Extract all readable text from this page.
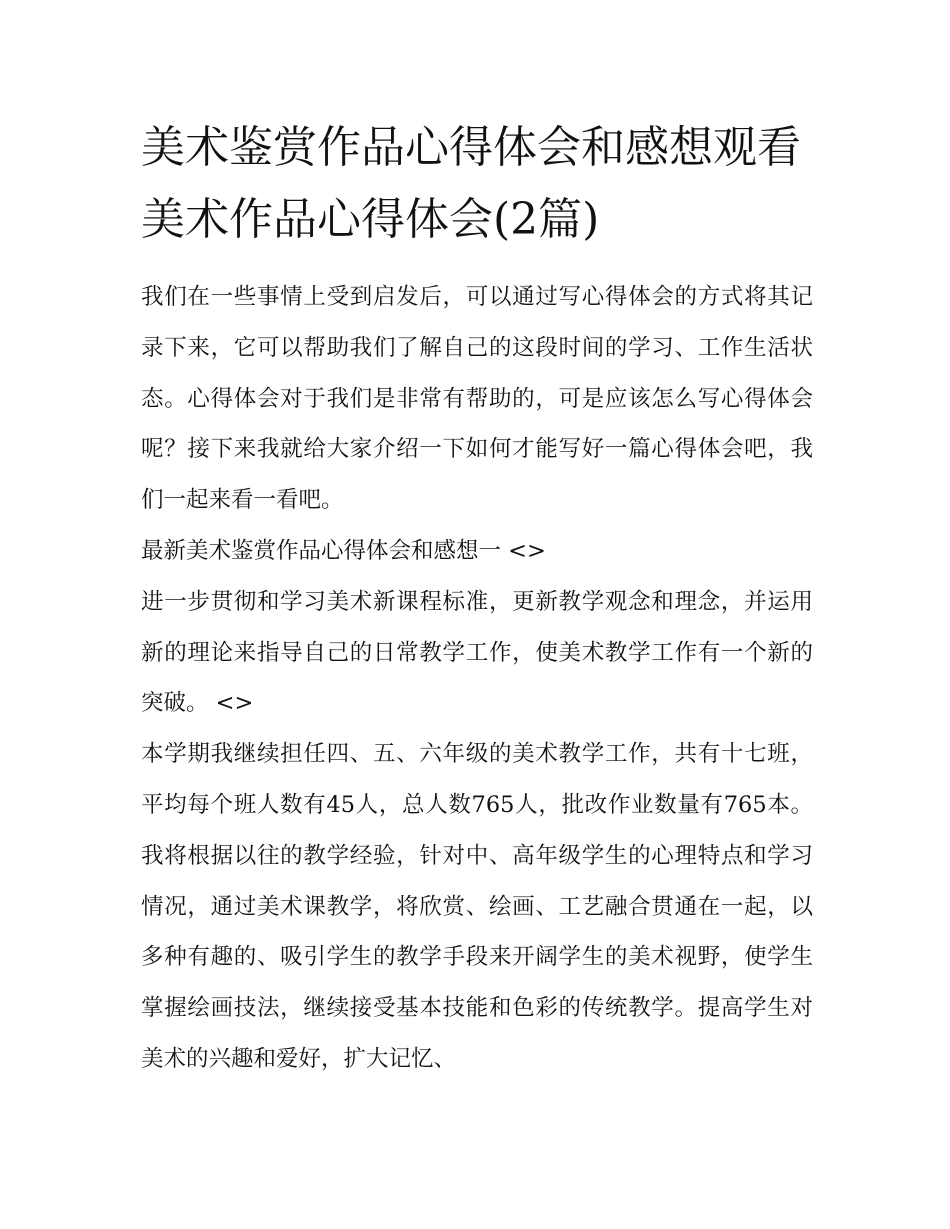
美术鉴赏作品心得体会和感想观看美术作品心得体会(2篇)

我们在一些事情上受到启发后，可以通过写心得体会的方式将其记录下来，它可以帮助我们了解自己的这段时间的学习、工作生活状态。心得体会对于我们是非常有帮助的，可是应该怎么写心得体会呢？接下来我就给大家介绍一下如何才能写好一篇心得体会吧，我们一起来看一看吧。

最新美术鉴赏作品心得体会和感想一 <>

进一步贯彻和学习美术新课程标准，更新教学观念和理念，并运用新的理论来指导自己的日常教学工作，使美术教学工作有一个新的突破。 <>

本学期我继续担任四、五、六年级的美术教学工作，共有十七班，平均每个班人数有45人，总人数765人，批改作业数量有765本。我将根据以往的教学经验，针对中、高年级学生的心理特点和学习情况，通过美术课教学，将欣赏、绘画、工艺融合贯通在一起，以多种有趣的、吸引学生的教学手段来开阔学生的美术视野，使学生掌握绘画技法，继续接受基本技能和色彩的传统教学。提高学生对美术的兴趣和爱好，扩大记忆、
